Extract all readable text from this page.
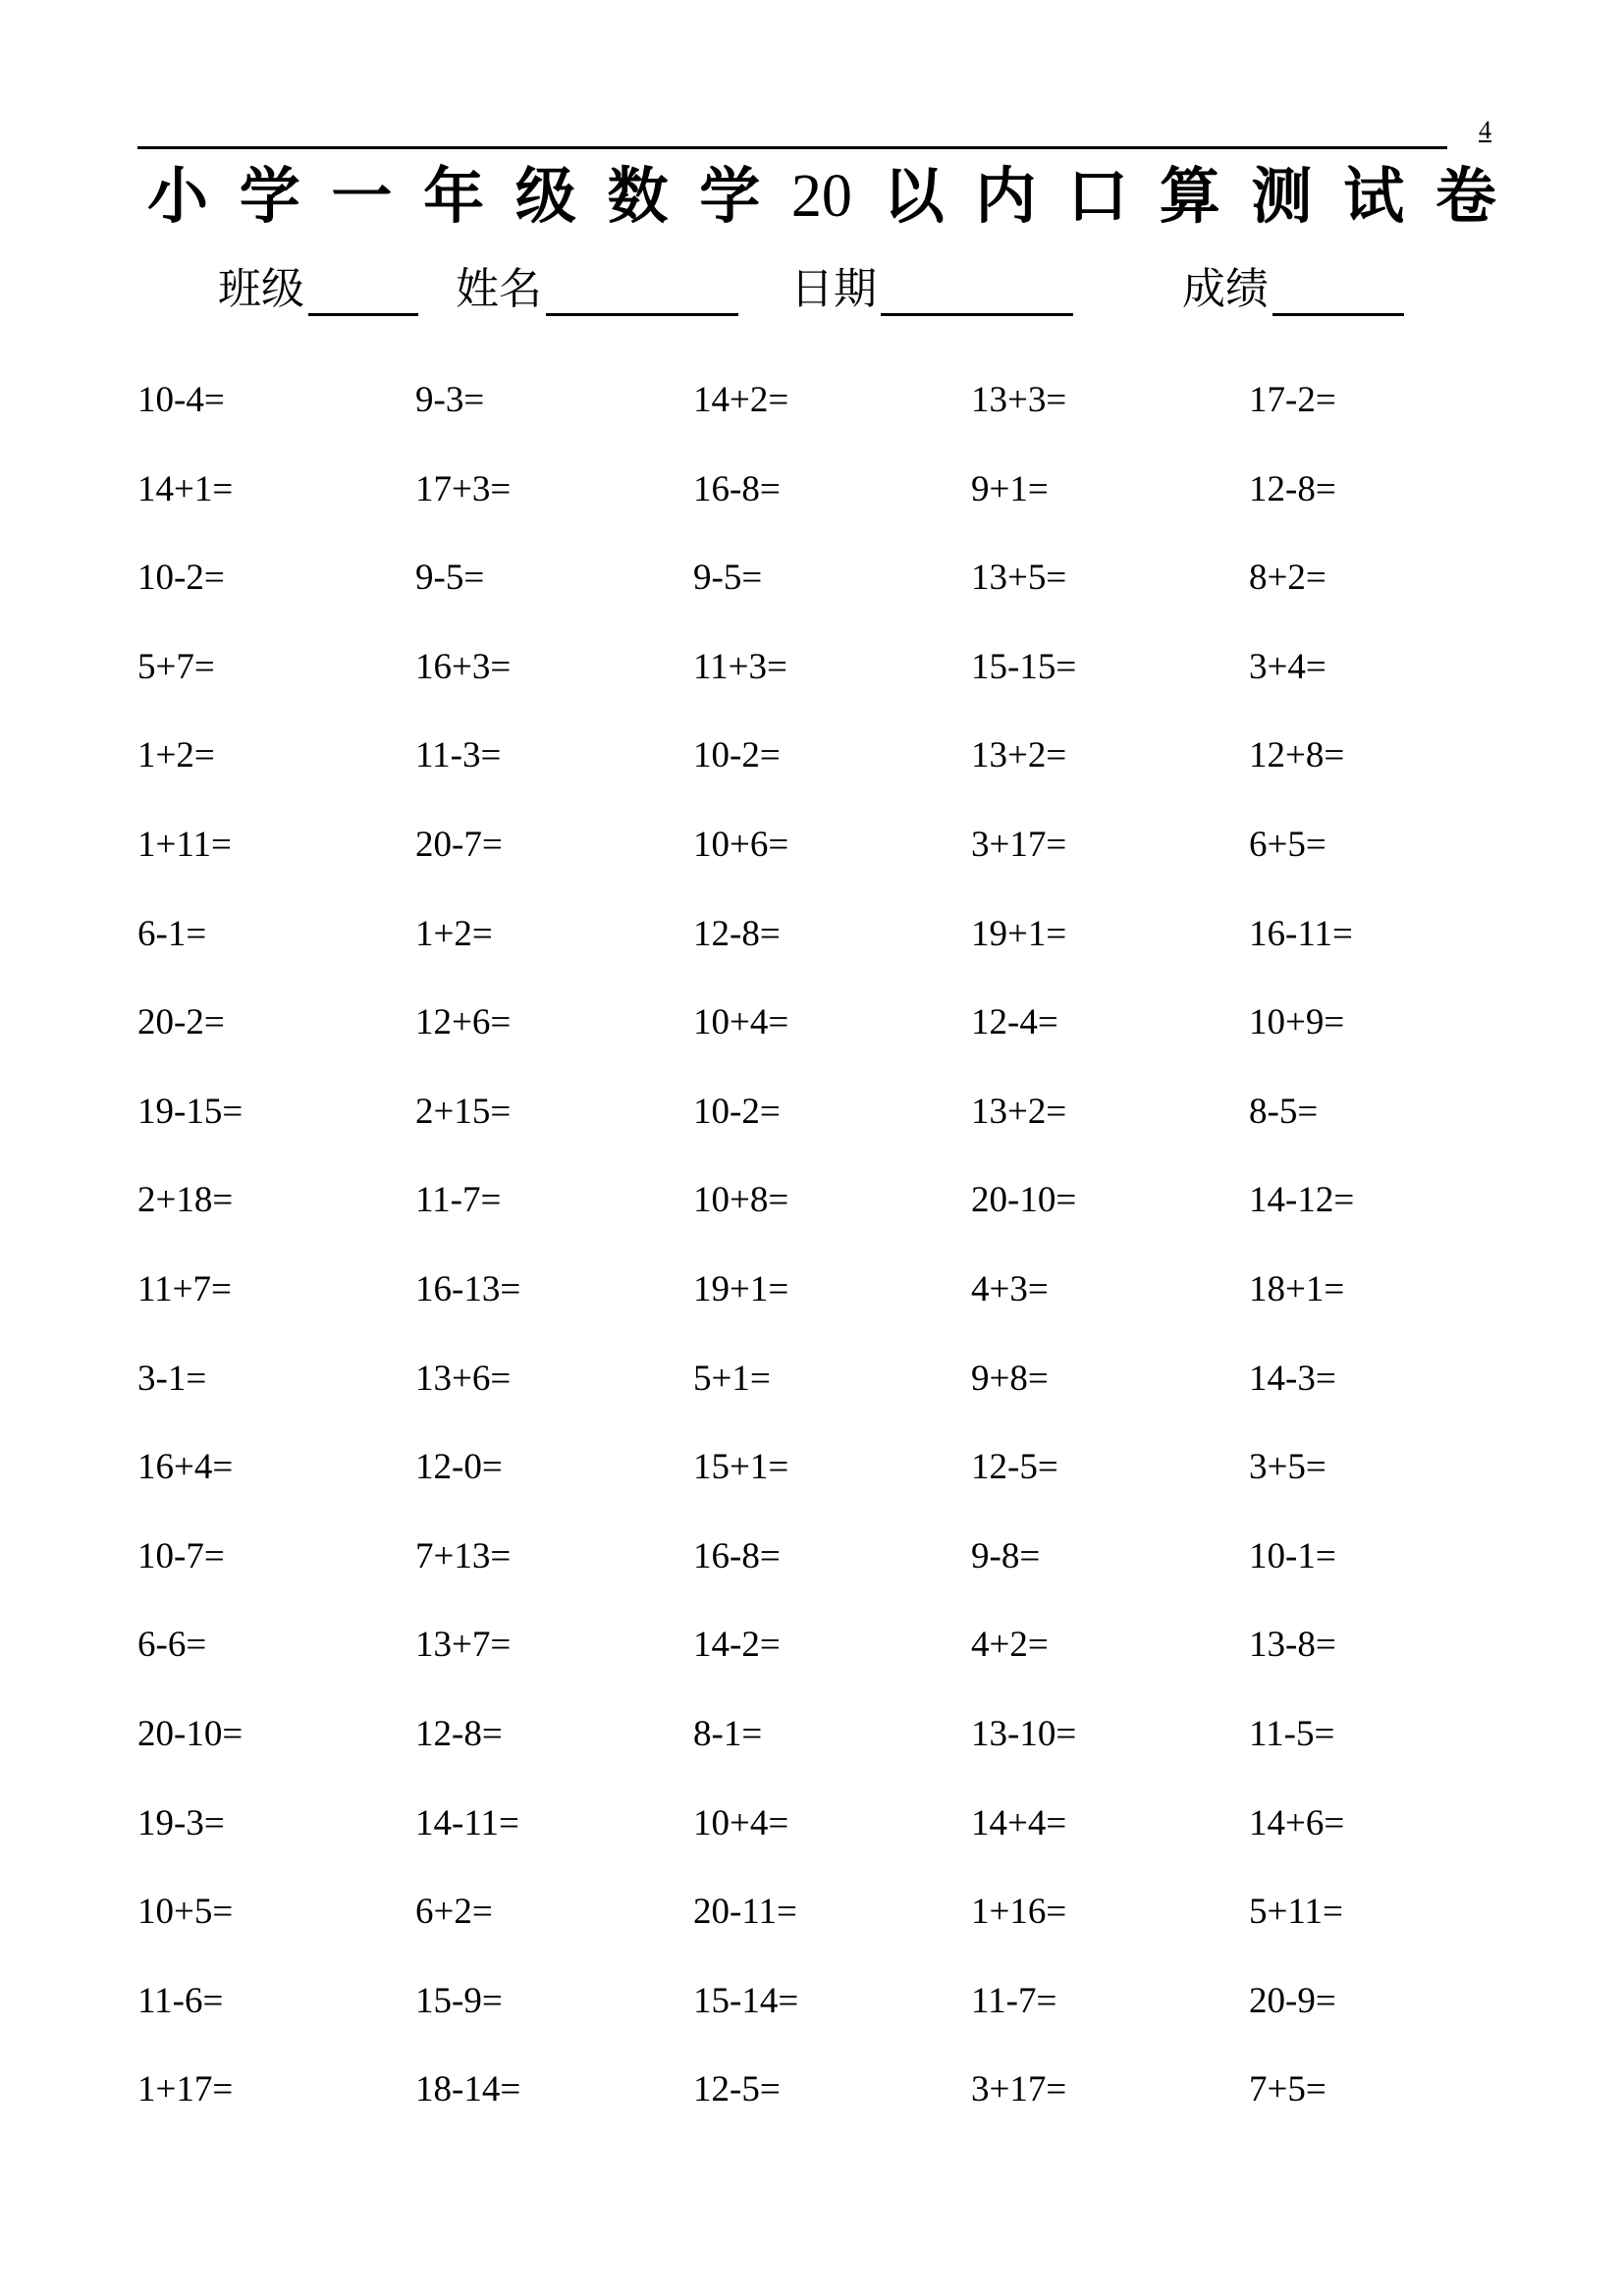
4
小 学 一 年 级 数 学 20 以 内 口 算 测 试 卷
班级	姓名	日期	成绩
10-4=	9-3=	14+2=	13+3=	17-2=
14+1=	17+3=	16-8=	9+1=	12-8=
10-2=	9-5=	9-5=	13+5=	8+2=
5+7=	16+3=	11+3=	15-15=	3+4=
1+2=	11-3=	10-2=	13+2=	12+8=
1+11=	20-7=	10+6=	3+17=	6+5=
6-1=	1+2=	12-8=	19+1=	16-11=
20-2=	12+6=	10+4=	12-4=	10+9=
19-15=	2+15=	10-2=	13+2=	8-5=
2+18=	11-7=	10+8=	20-10=	14-12=
11+7=	16-13=	19+1=	4+3=	18+1=
3-1=	13+6=	5+1=	9+8=	14-3=
16+4=	12-0=	15+1=	12-5=	3+5=
10-7=	7+13=	16-8=	9-8=	10-1=
6-6=	13+7=	14-2=	4+2=	13-8=
20-10=	12-8=	8-1=	13-10=	11-5=
19-3=	14-11=	10+4=	14+4=	14+6=
10+5=	6+2=	20-11=	1+16=	5+11=
11-6=	15-9=	15-14=	11-7=	20-9=
1+17=	18-14=	12-5=	3+17=	7+5=
